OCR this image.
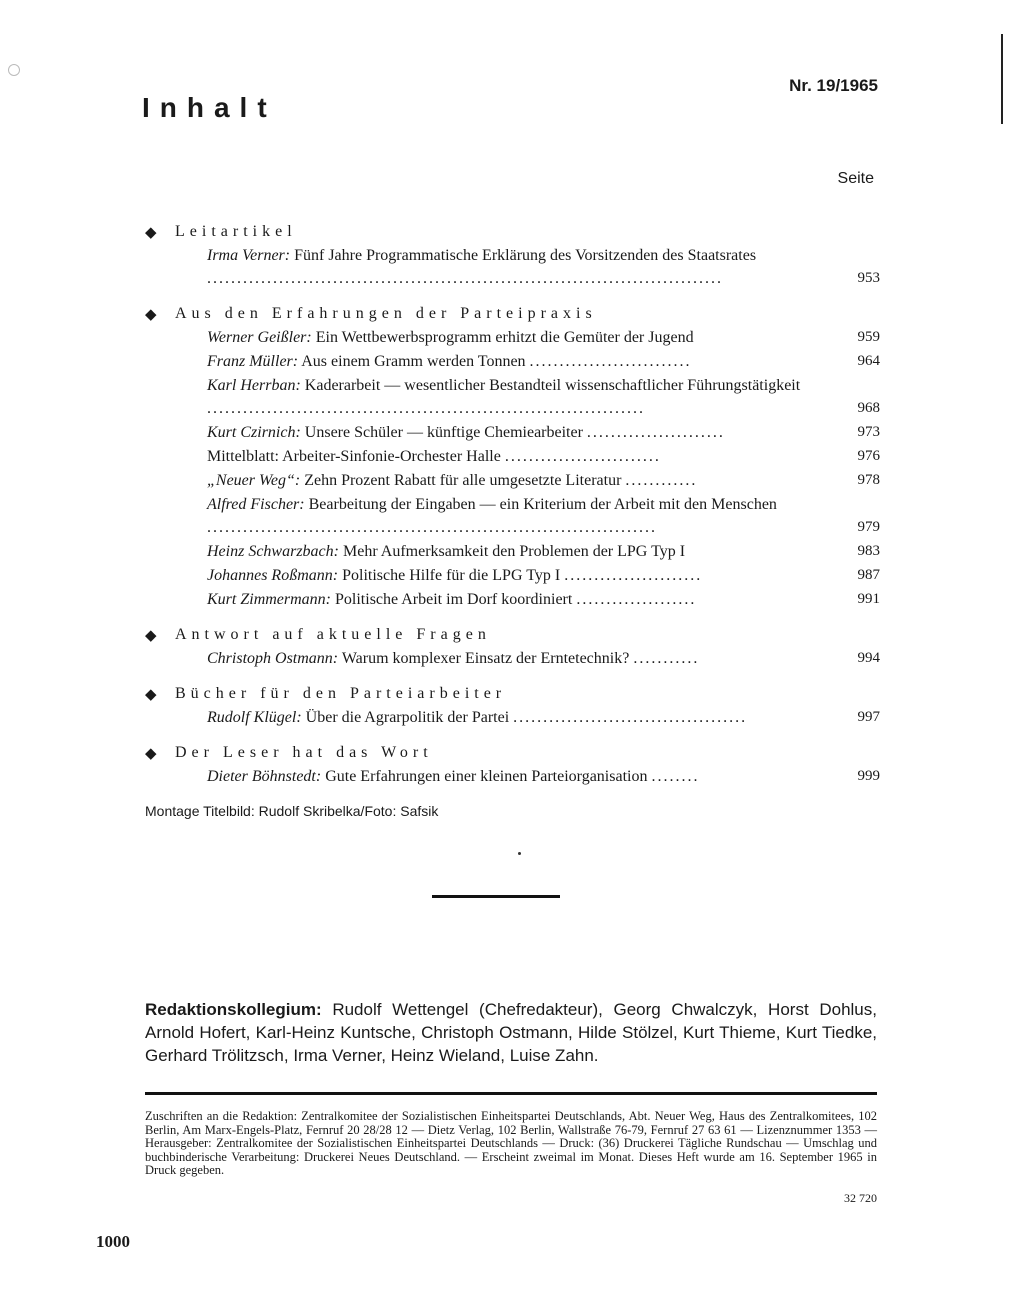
Nr. 19/1965
Inhalt
Seite
◆	Leitartikel
Irma Verner: Fünf Jahre Programmatische Erklärung des Vorsitzenden des Staatsrates ......................................................................................	953
◆	Aus den Erfahrungen der Parteipraxis
Werner Geißler: Ein Wettbewerbsprogramm erhitzt die Gemüter der Jugend	959
Franz Müller: Aus einem Gramm werden Tonnen ...........................	964
Karl Herrban: Kaderarbeit — wesentlicher Bestandteil wissenschaftlicher Führungstätigkeit .........................................................................	968
Kurt Czirnich: Unsere Schüler — künftige Chemiearbeiter .......................	973
Mittelblatt: Arbeiter-Sinfonie-Orchester Halle ..........................	976
„Neuer Weg“: Zehn Prozent Rabatt für alle umgesetzte Literatur ............	978
Alfred Fischer: Bearbeitung der Eingaben — ein Kriterium der Arbeit mit den Menschen ...........................................................................	979
Heinz Schwarzbach: Mehr Aufmerksamkeit den Problemen der LPG Typ I	983
Johannes Roßmann: Politische Hilfe für die LPG Typ I .......................	987
Kurt Zimmermann: Politische Arbeit im Dorf koordiniert ....................	991
◆	Antwort auf aktuelle Fragen
Christoph Ostmann: Warum komplexer Einsatz der Erntetechnik? ...........	994
◆	Bücher für den Parteiarbeiter
Rudolf Klügel: Über die Agrarpolitik der Partei .......................................	997
◆	Der Leser hat das Wort
Dieter Böhnstedt: Gute Erfahrungen einer kleinen Parteiorganisation ........	999
Montage Titelbild: Rudolf Skribelka/Foto: Safsik
Redaktionskollegium: Rudolf Wettengel (Chefredakteur), Georg Chwalczyk, Horst Dohlus, Arnold Hofert, Karl-Heinz Kuntsche, Christoph Ostmann, Hilde Stölzel, Kurt Thieme, Kurt Tiedke, Gerhard Trölitzsch, Irma Verner, Heinz Wieland, Luise Zahn.
Zuschriften an die Redaktion: Zentralkomitee der Sozialistischen Einheitspartei Deutschlands, Abt. Neuer Weg, Haus des Zentralkomitees, 102 Berlin, Am Marx-Engels-Platz, Fernruf 20 28/28 12 — Dietz Verlag, 102 Berlin, Wallstraße 76-79, Fernruf 27 63 61 — Lizenznummer 1353 — Herausgeber: Zentralkomitee der Sozialistischen Einheitspartei Deutschlands — Druck: (36) Druckerei Tägliche Rundschau — Umschlag und buchbinderische Verarbeitung: Druckerei Neues Deutschland. — Erscheint zweimal im Monat. Dieses Heft wurde am 16. September 1965 in Druck gegeben.
32 720
1000
